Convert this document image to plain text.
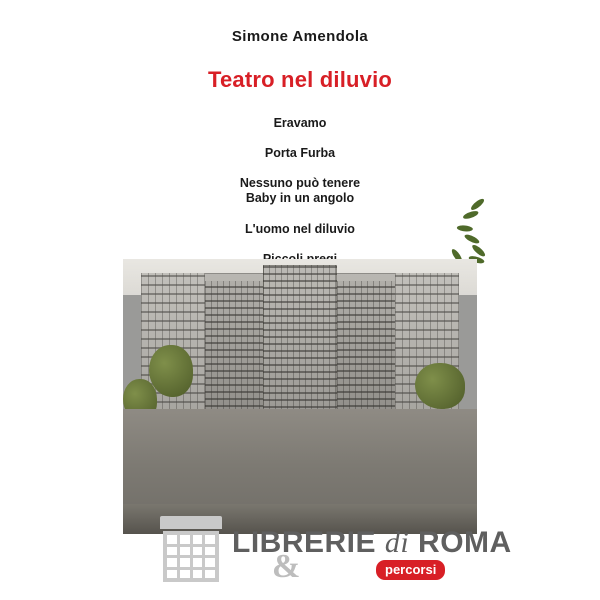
Simone Amendola
Teatro nel diluvio
Eravamo
Porta Furba
Nessuno può tenere
Baby in un angolo
L'uomo nel diluvio
&
LIBRERIE di ROMA
percorsi
